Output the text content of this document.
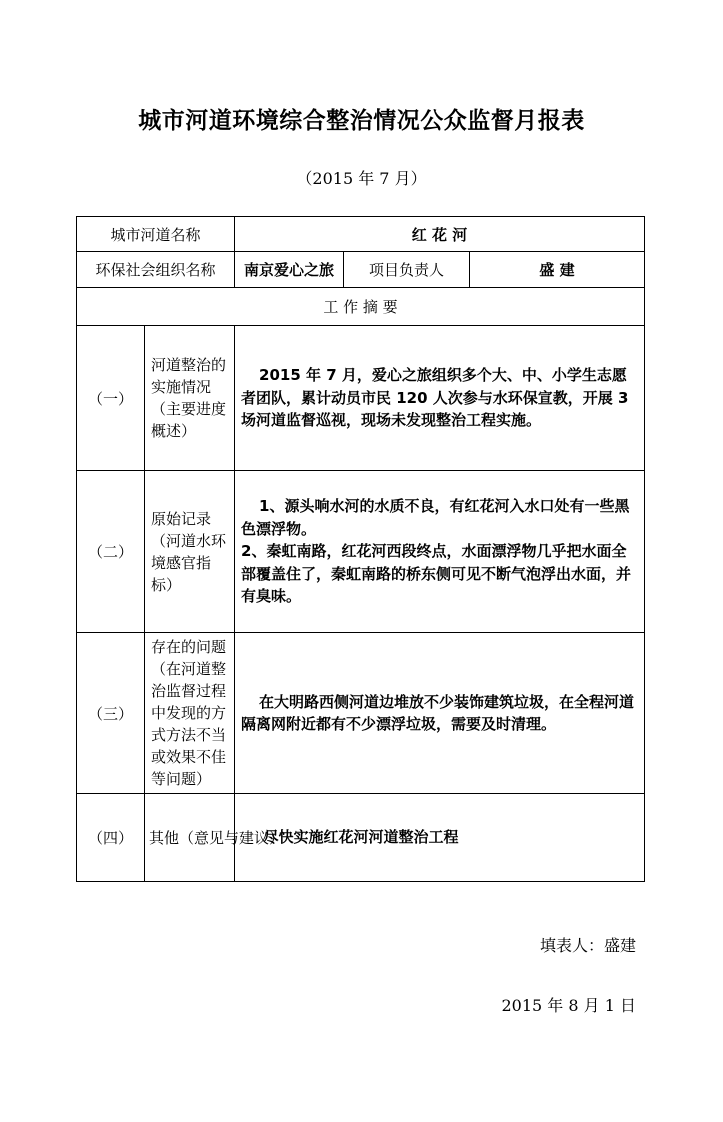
城市河道环境综合整治情况公众监督月报表
（2015 年 7 月）
城市河道名称		红 花 河		
环保社会组织名称		南京爱心之旅	项目负责人	盛 建
工 作 摘 要				
（一）	河道整治的实施情况（主要进度概述）	2015 年 7 月，爱心之旅组织多个大、中、小学生志愿者团队，累计动员市民 120 人次参与水环保宣教，开展 3 场河道监督巡视，现场未发现整治工程实施。		

（二）	原始记录（河道水环境感官指标）	1、源头响水河的水质不良，有红花河入水口处有一些黑色漂浮物。

2、秦虹南路，红花河西段终点，水面漂浮物几乎把水面全部覆盖住了，秦虹南路的桥东侧可见不断气泡浮出水面，并有臭味。		

（三）	存在的问题（在河道整治监督过程中发现的方式方法不当或效果不佳等问题）	在大明路西侧河道边堆放不少装饰建筑垃圾，在全程河道隔离网附近都有不少漂浮垃圾，需要及时清理。		

（四）	其他（意见与建议）	尽快实施红花河河道整治工程		

填表人：盛建
2015 年 8 月 1 日
